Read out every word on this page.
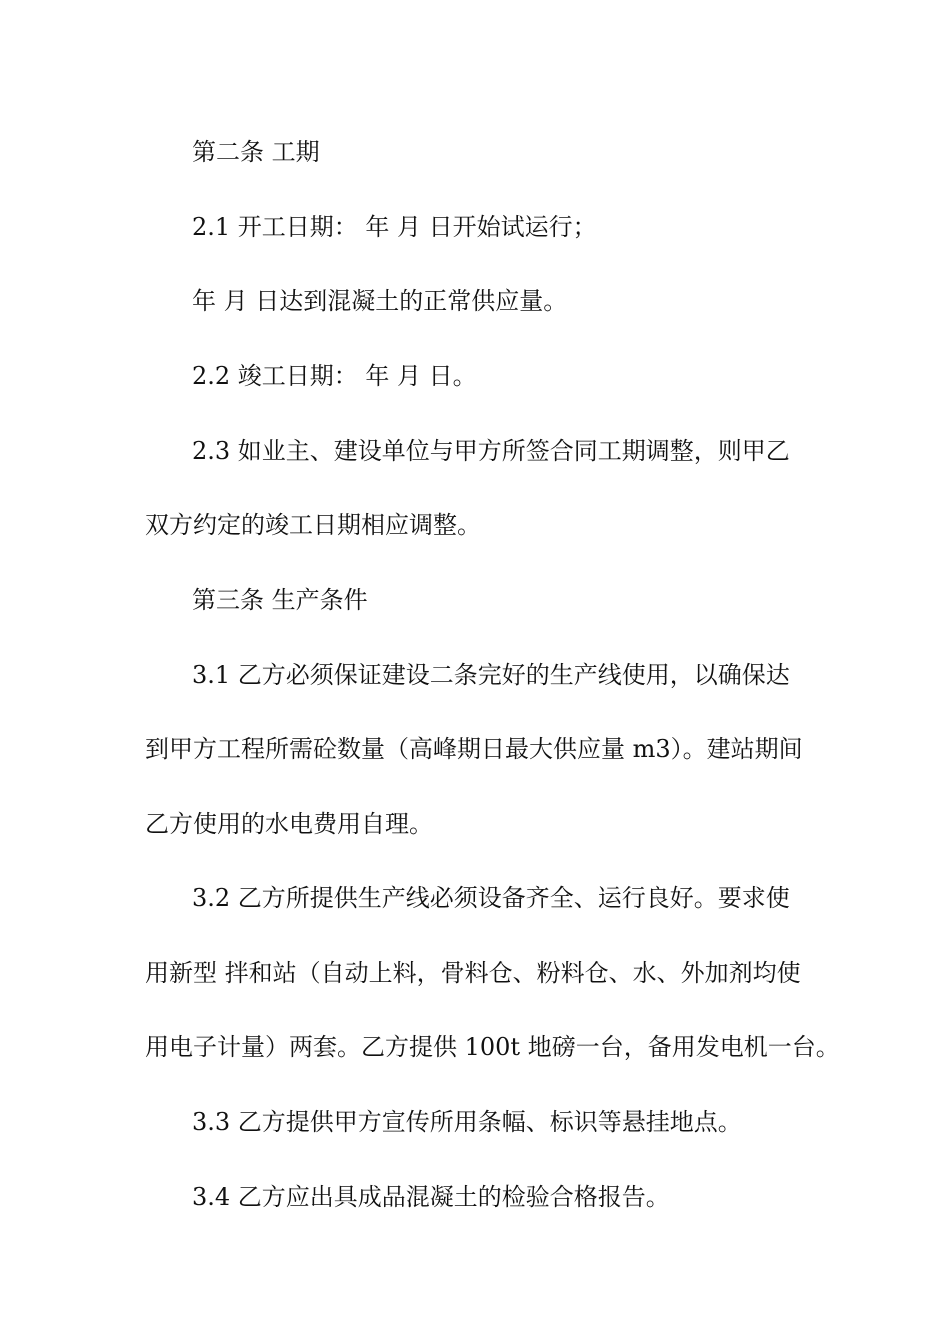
第二条 工期
2.1 开工日期： 年 月 日开始试运行；
年 月 日达到混凝土的正常供应量。
2.2 竣工日期： 年 月 日。
2.3 如业主、建设单位与甲方所签合同工期调整，则甲乙
双方约定的竣工日期相应调整。
第三条 生产条件
3.1 乙方必须保证建设二条完好的生产线使用，以确保达
到甲方工程所需砼数量（高峰期日最大供应量 m3）。建站期间
乙方使用的水电费用自理。
3.2 乙方所提供生产线必须设备齐全、运行良好。要求使
用新型 拌和站（自动上料，骨料仓、粉料仓、水、外加剂均使
用电子计量）两套。乙方提供 100t 地磅一台，备用发电机一台。
3.3 乙方提供甲方宣传所用条幅、标识等悬挂地点。
3.4 乙方应出具成品混凝土的检验合格报告。
